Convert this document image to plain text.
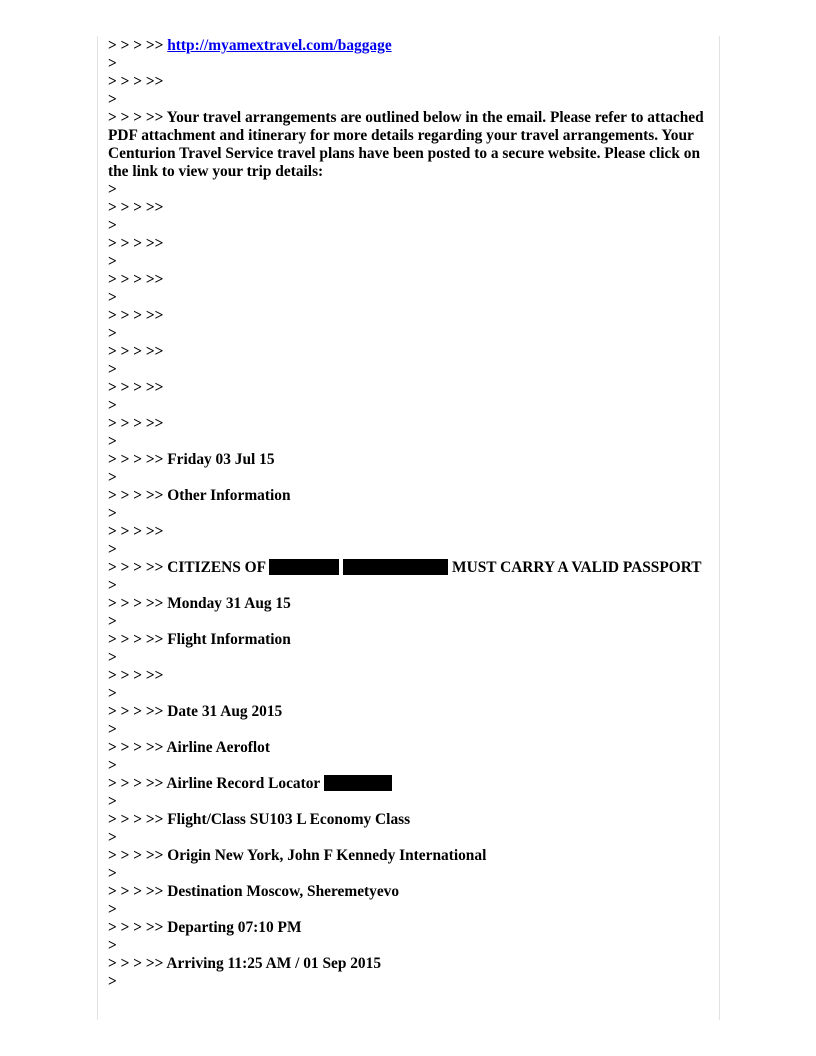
> > > >> http://myamextravel.com/baggage

>

> > > >>

>

> > > >> Your travel arrangements are outlined below in the email. Please refer to attached PDF attachment and itinerary for more details regarding your travel arrangements. Your Centurion Travel Service travel plans have been posted to a secure website. Please click on the link to view your trip details:

>

> > > >>

>

> > > >>

>

> > > >>

>

> > > >>

>

> > > >>

>

> > > >>

>

> > > >>

>

> > > >> Friday 03 Jul 15

>

> > > >> Other Information

>

> > > >>

>

> > > >> CITIZENS OF	MUST CARRY A VALID PASSPORT

>

> > > >> Monday 31 Aug 15

>

> > > >> Flight Information

>

> > > >>

>

> > > >> Date 31 Aug 2015

>

> > > >> Airline Aeroflot

>

> > > >> Airline Record Locator

>

> > > >> Flight/Class SU103 L Economy Class

>

> > > >> Origin New York, John F Kennedy International

>

> > > >> Destination Moscow, Sheremetyevo

>

> > > >> Departing 07:10 PM

>

> > > >> Arriving 11:25 AM / 01 Sep 2015

>
